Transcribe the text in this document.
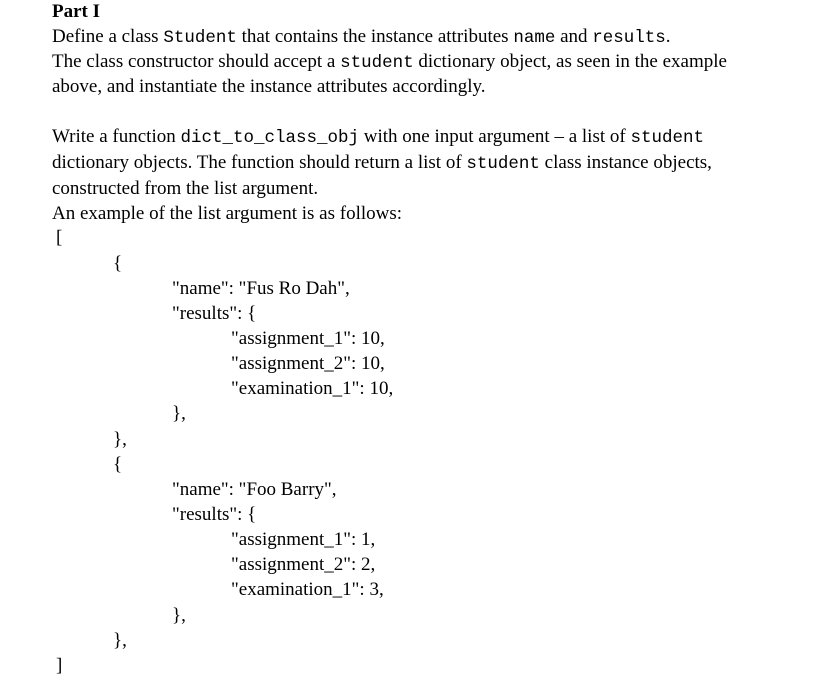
Part I
Define a class Student that contains the instance attributes name and results.
The class constructor should accept a student dictionary object, as seen in the example
above, and instantiate the instance attributes accordingly.
Write a function dict_to_class_obj with one input argument – a list of student
dictionary objects. The function should return a list of student class instance objects,
constructed from the list argument.
An example of the list argument is as follows:
[
{
"name": "Fus Ro Dah",
"results": {
"assignment_1": 10,
"assignment_2": 10,
"examination_1": 10,
},
},
{
"name": "Foo Barry",
"results": {
"assignment_1": 1,
"assignment_2": 2,
"examination_1": 3,
},
},
]
